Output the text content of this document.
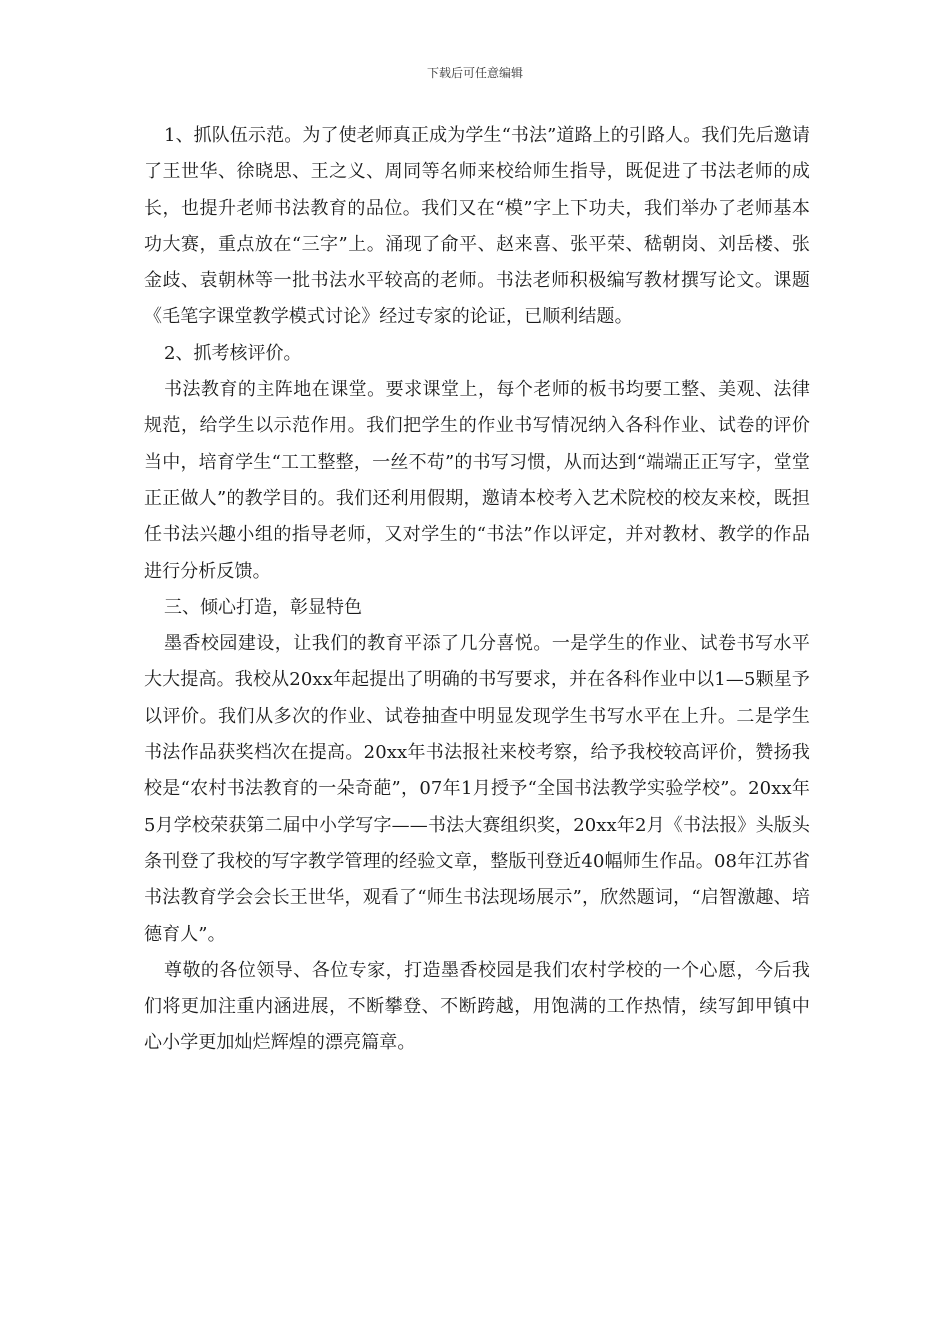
下载后可任意编辑

1、抓队伍示范。为了使老师真正成为学生“书法”道路上的引路人。我们先后邀请了王世华、徐晓思、王之义、周同等名师来校给师生指导，既促进了书法老师的成长，也提升老师书法教育的品位。我们又在“模”字上下功夫，我们举办了老师基本功大赛，重点放在“三字”上。涌现了俞平、赵来喜、张平荣、嵇朝岗、刘岳楼、张金歧、袁朝林等一批书法水平较高的老师。书法老师积极编写教材撰写论文。课题《毛笔字课堂教学模式讨论》经过专家的论证，已顺利结题。

2、抓考核评价。

书法教育的主阵地在课堂。要求课堂上，每个老师的板书均要工整、美观、法律规范，给学生以示范作用。我们把学生的作业书写情况纳入各科作业、试卷的评价当中，培育学生“工工整整，一丝不苟”的书写习惯，从而达到“端端正正写字，堂堂正正做人”的教学目的。我们还利用假期，邀请本校考入艺术院校的校友来校，既担任书法兴趣小组的指导老师，又对学生的“书法”作以评定，并对教材、教学的作品进行分析反馈。

三、倾心打造，彰显特色

墨香校园建设，让我们的教育平添了几分喜悦。一是学生的作业、试卷书写水平大大提高。我校从20xx年起提出了明确的书写要求，并在各科作业中以1—5颗星予以评价。我们从多次的作业、试卷抽查中明显发现学生书写水平在上升。二是学生书法作品获奖档次在提高。20xx年书法报社来校考察，给予我校较高评价，赞扬我校是“农村书法教育的一朵奇葩”，07年1月授予“全国书法教学实验学校”。20xx年5月学校荣获第二届中小学写字——书法大赛组织奖，20xx年2月《书法报》头版头条刊登了我校的写字教学管理的经验文章，整版刊登近40幅师生作品。08年江苏省书法教育学会会长王世华，观看了“师生书法现场展示”，欣然题词，“启智激趣、培德育人”。

尊敬的各位领导、各位专家，打造墨香校园是我们农村学校的一个心愿，今后我们将更加注重内涵进展，不断攀登、不断跨越，用饱满的工作热情，续写卸甲镇中心小学更加灿烂辉煌的漂亮篇章。
